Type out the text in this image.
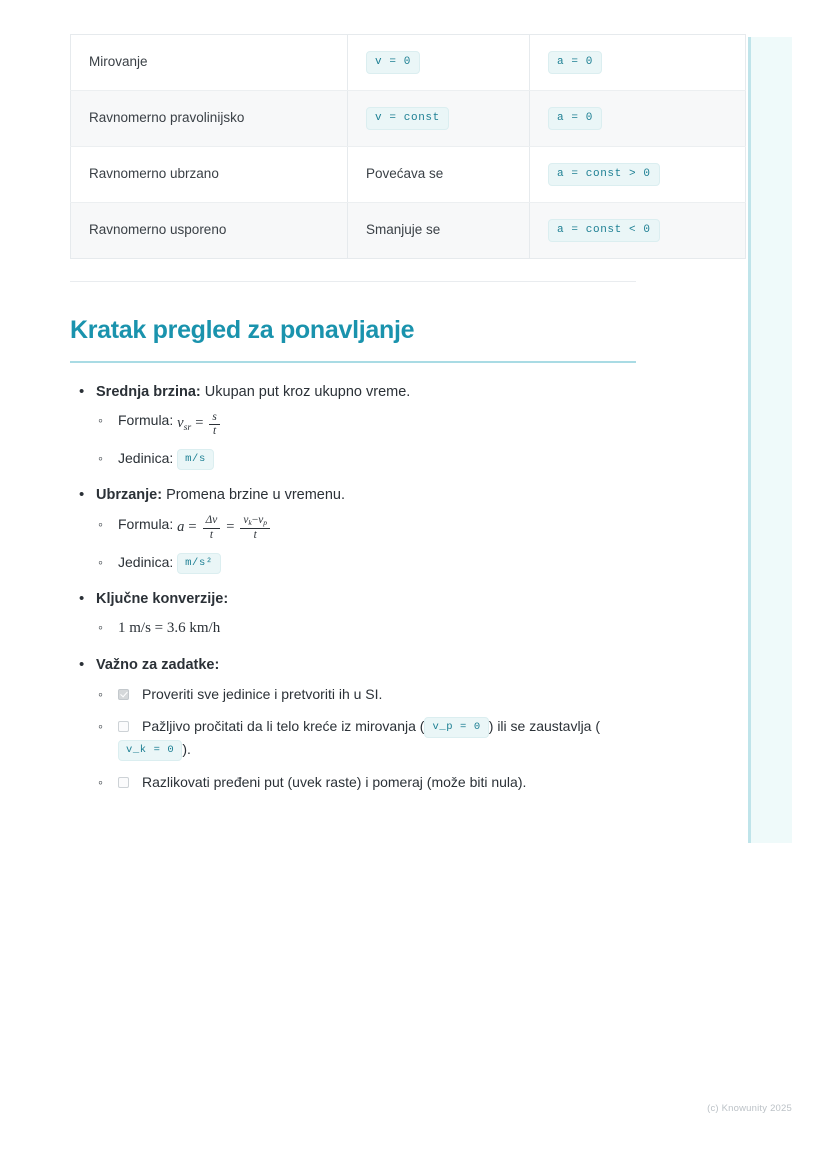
Mirovanje	v = 0	a = 0
Ravnomerno pravolinijsko	v = const	a = 0
Ravnomerno ubrzano	Povećava se	a = const > 0
Ravnomerno usporeno	Smanjuje se	a = const < 0
Kratak pregled za ponavljanje
• Srednja brzina: Ukupan put kroz ukupno vreme.
◦ Formula: $v_{sr} = \frac{s}{t}$
◦ Jedinica: m/s
• Ubrzanje: Promena brzine u vremenu.
◦ Formula: $a = \frac{\Delta v}{t} = \frac{v_k-v_p}{t}$
◦ Jedinica: m/s²
• Ključne konverzije:
◦ 1 m/s = 3.6 km/h
• Važno za zadatke:
◦
Proveriti sve jedinice i pretvoriti ih u SI.
◦
Pažljivo pročitati da li telo kreće iz mirovanja ( v_p = 0 ) ili se zaustavlja (v_k = 0 ).
◦
Razlikovati pređeni put (uvek raste) i pomeraj (može biti nula).
(c) Knowunity 2025
